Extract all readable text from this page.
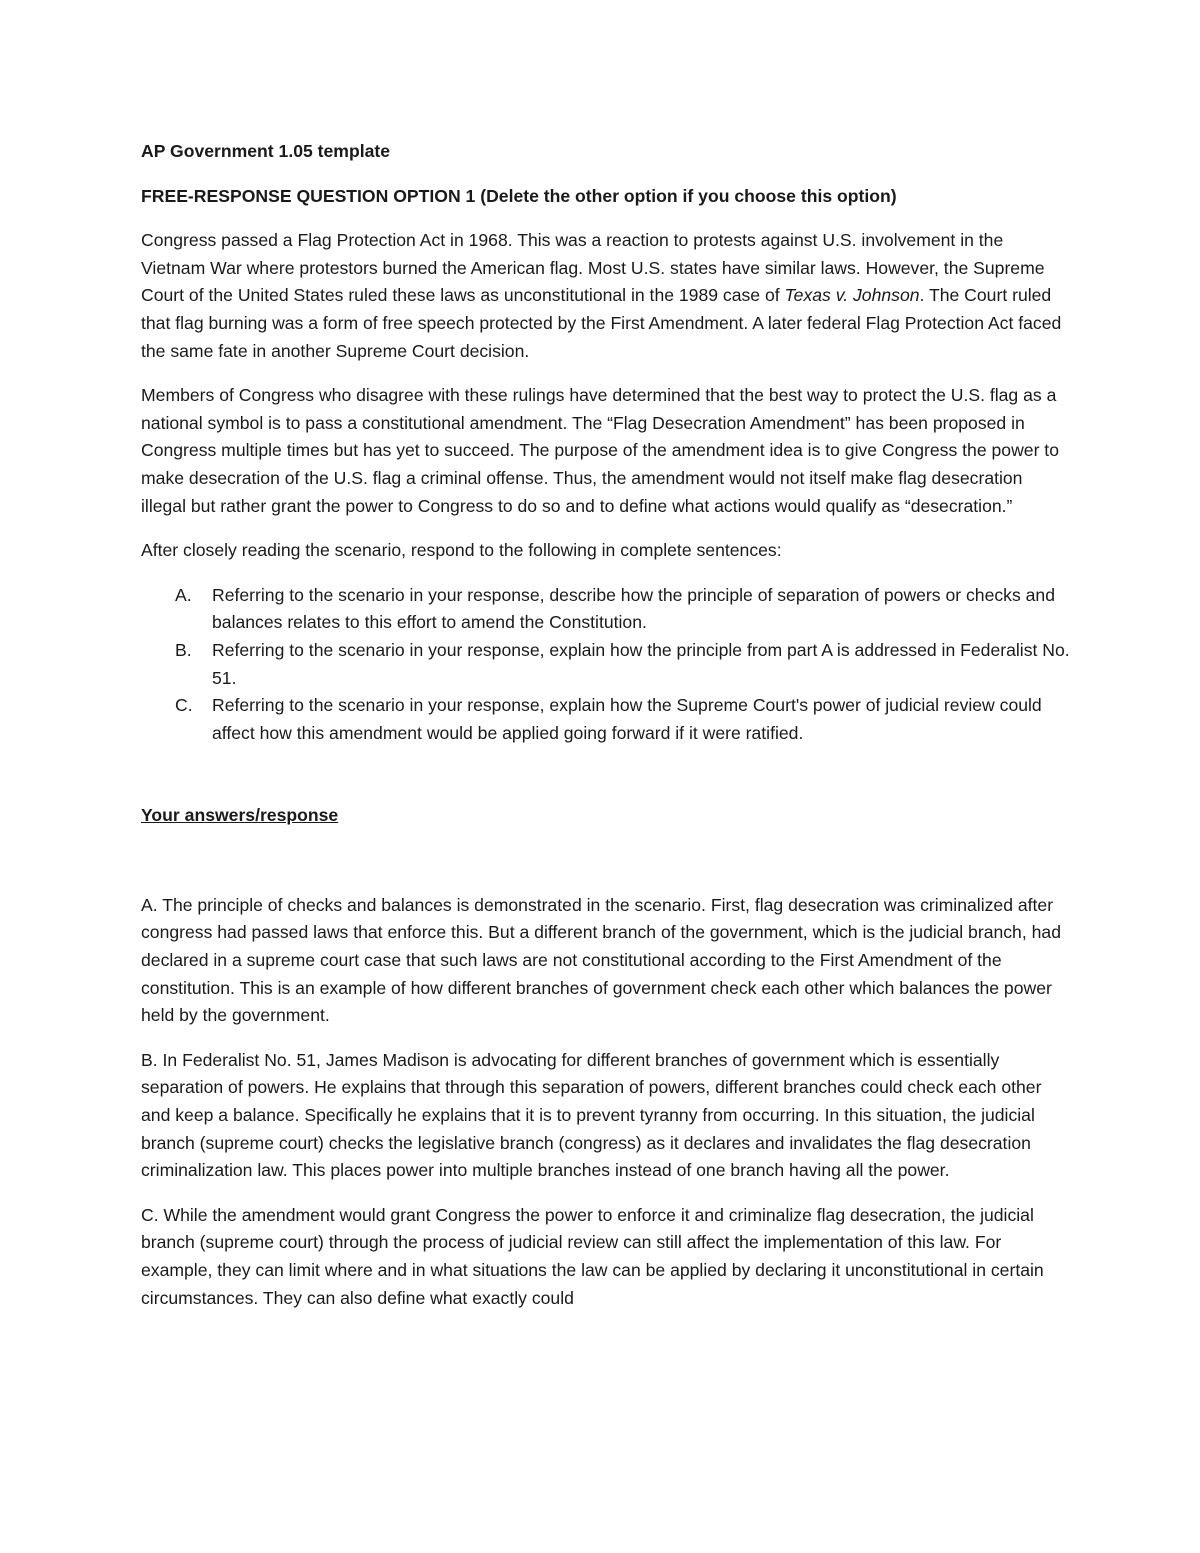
AP Government 1.05 template
FREE-RESPONSE QUESTION OPTION 1 (Delete the other option if you choose this option)

Congress passed a Flag Protection Act in 1968. This was a reaction to protests against U.S. involvement in the Vietnam War where protestors burned the American flag. Most U.S. states have similar laws. However, the Supreme Court of the United States ruled these laws as unconstitutional in the 1989 case of Texas v. Johnson. The Court ruled that flag burning was a form of free speech protected by the First Amendment. A later federal Flag Protection Act faced the same fate in another Supreme Court decision.

Members of Congress who disagree with these rulings have determined that the best way to protect the U.S. flag as a national symbol is to pass a constitutional amendment. The “Flag Desecration Amendment” has been proposed in Congress multiple times but has yet to succeed. The purpose of the amendment idea is to give Congress the power to make desecration of the U.S. flag a criminal offense. Thus, the amendment would not itself make flag desecration illegal but rather grant the power to Congress to do so and to define what actions would qualify as “desecration.”

After closely reading the scenario, respond to the following in complete sentences:

A. Referring to the scenario in your response, describe how the principle of separation of powers or checks and balances relates to this effort to amend the Constitution.
B. Referring to the scenario in your response, explain how the principle from part A is addressed in Federalist No. 51.
C. Referring to the scenario in your response, explain how the Supreme Court's power of judicial review could affect how this amendment would be applied going forward if it were ratified.
Your answers/response

A. The principle of checks and balances is demonstrated in the scenario. First, flag desecration was criminalized after congress had passed laws that enforce this. But a different branch of the government, which is the judicial branch, had declared in a supreme court case that such laws are not constitutional according to the First Amendment of the constitution. This is an example of how different branches of government check each other which balances the power held by the government.

B. In Federalist No. 51, James Madison is advocating for different branches of government which is essentially separation of powers. He explains that through this separation of powers, different branches could check each other and keep a balance. Specifically he explains that it is to prevent tyranny from occurring. In this situation, the judicial branch (supreme court) checks the legislative branch (congress) as it declares and invalidates the flag desecration criminalization law. This places power into multiple branches instead of one branch having all the power.

C. While the amendment would grant Congress the power to enforce it and criminalize flag desecration, the judicial branch (supreme court) through the process of judicial review can still affect the implementation of this law. For example, they can limit where and in what situations the law can be applied by declaring it unconstitutional in certain circumstances. They can also define what exactly could
